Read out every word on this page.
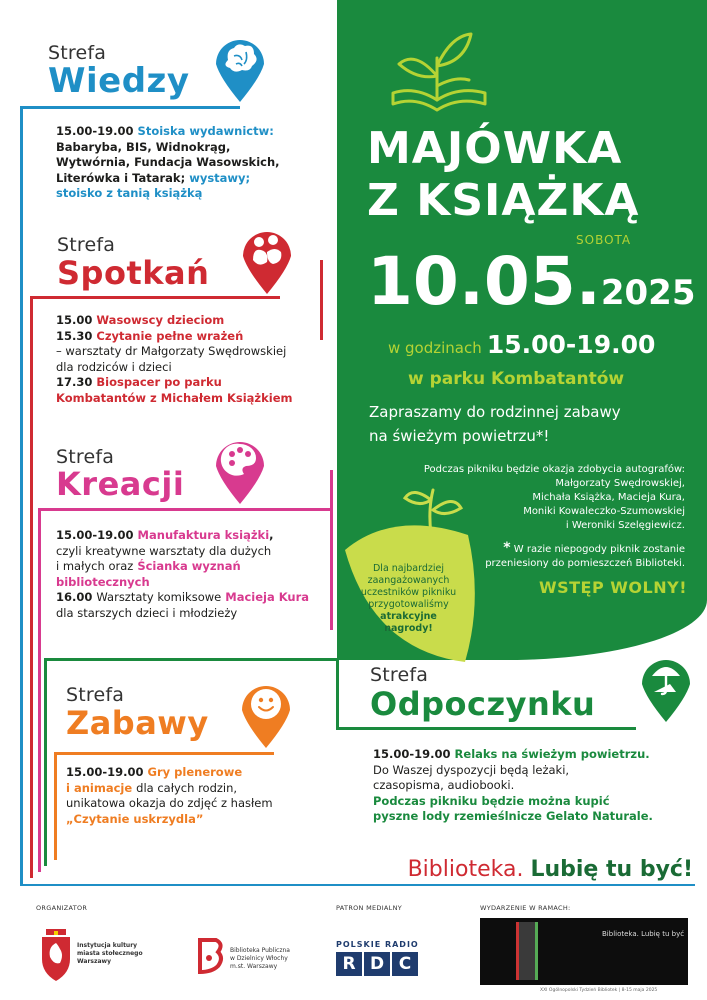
MAJÓWKA
Z KSIĄŻKĄ
SOBOTA
10.05.2025
w godzinach 15.00-19.00
w parku Kombatantów
Zapraszamy do rodzinnej zabawy
na świeżym powietrzu*!
Podczas pikniku będzie okazja zdobycia autografów:
Małgorzaty Swędrowskiej,
Michała Książka, Macieja Kura,
Moniki Kowaleczko-Szumowskiej
i Weroniki Szelęgiewicz.
* W razie niepogody piknik zostanie
przeniesiony do pomieszczeń Biblioteki.
WSTĘP WOLNY!
Dla najbardziej
zaangażowanych
uczestników pikniku
przygotowaliśmy
atrakcyjne
nagrody!
Strefa
Wiedzy
15.00-19.00 Stoiska wydawnictw:
Babaryba, BIS, Widnokrąg,
Wytwórnia, Fundacja Wasowskich,
Literówka i Tatarak; wystawy;
stoisko z tanią książką
Strefa
Spotkań
15.00 Wasowscy dzieciom
15.30 Czytanie pełne wrażeń
– warsztaty dr Małgorzaty Swędrowskiej
dla rodziców i dzieci
17.30 Biospacer po parku
Kombatantów z Michałem Książkiem
Strefa
Kreacji
15.00-19.00 Manufaktura książki,
czyli kreatywne warsztaty dla dużych
i małych oraz Ścianka wyznań
bibliotecznych
16.00 Warsztaty komiksowe Macieja Kura
dla starszych dzieci i młodzieży
Strefa
Zabawy
15.00-19.00 Gry plenerowe
i animacje dla całych rodzin,
unikatowa okazja do zdjęć z hasłem
„Czytanie uskrzydla”
Strefa
Odpoczynku
15.00-19.00 Relaks na świeżym powietrzu.
Do Waszej dyspozycji będą leżaki,
czasopisma, audiobooki.
Podczas pikniku będzie można kupić
pyszne lody rzemieślnicze Gelato Naturale.
Biblioteka. Lubię tu być!
ORGANIZATOR	PATRON MEDIALNY	WYDARZENIE W RAMACH:
Instytucja kultury
miasta stołecznego
Warszawy
Biblioteka Publiczna
w Dzielnicy Włochy
m.st. Warszawy
POLSKIE RADIO
R D C
Biblioteka. Lubię tu być
XXI Ogólnopolski Tydzień Bibliotek | 8-15 maja 2025
